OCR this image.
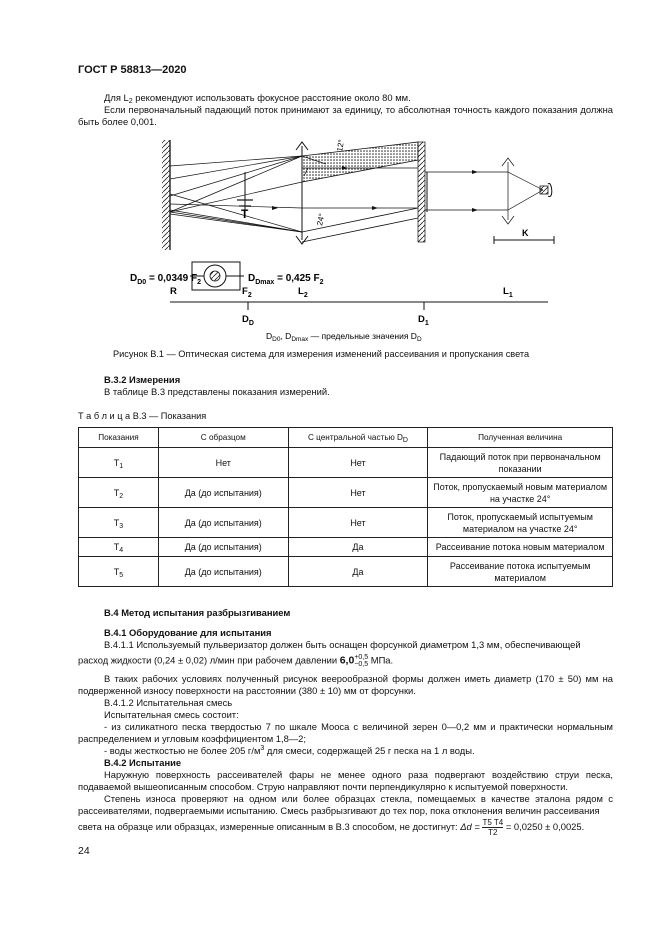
ГОСТ Р 58813—2020
Для $L_2$ рекомендуют использовать фокусное расстояние около 80 мм.
Если первоначальный падающий поток принимают за единицу, то абсолютная точность каждого показания должна быть более 0,001.
T
12°
24°
K
$D_{D0} = 0,0349$ $F_2$	$D_{Dmax} = 0,425$ $F_2$
R	$F_2$	$L_2$	$L_1$
$D_D$	$D_1$
$D_{D0}$, $D_{Dmax}$ — предельные значения $D_D$
Рисунок В.1 — Оптическая система для измерения изменений рассеивания и пропускания света
В.3.2 Измерения
В таблице В.3 представлены показания измерений.
Т а б л и ц а В.3 — Показания
Показания	С образцом	С центральной частью $D_D$	Полученная величина
$T_1$	Нет	Нет	Падающий поток при первоначальном показании
$T_2$	Да (до испытания)	Нет	Поток, пропускаемый новым материалом на участке 24°
$T_3$	Да (до испытания)	Нет	Поток, пропускаемый испытуемым материалом на участке 24°
$T_4$	Да (до испытания)	Да	Рассеивание потока новым материалом
$T_5$	Да (до испытания)	Да	Рассеивание потока испытуемым материалом
В.4 Метод испытания разбрызгиванием
В.4.1 Оборудование для испытания
В.4.1.1 Используемый пульверизатор должен быть оснащен форсункой диаметром 1,3 мм, обеспечивающей
расход жидкости (0,24 ± 0,02) л/мин при рабочем давлении 6,0 +0,5
−0,5 МПа.
В таких рабочих условиях полученный рисунок веерообразной формы должен иметь диаметр (170 ± 50) мм на подверженной износу поверхности на расстоянии (380 ± 10) мм от форсунки.
В.4.1.2 Испытательная смесь
Испытательная смесь состоит:
- из силикатного песка твердостью 7 по шкале Мооса с величиной зерен 0—0,2 мм и практически нормальным распределением и угловым коэффициентом 1,8—2;
- воды жесткостью не более 205 $г/м^3$ для смеси, содержащей 25 г песка на 1 л воды.
В.4.2 Испытание
Наружную поверхность рассеивателей фары не менее одного раза подвергают воздействию струи песка, подаваемой вышеописанным способом. Струю направляют почти перпендикулярно к испытуемой поверхности.
Степень износа проверяют на одном или более образцах стекла, помещаемых в качестве эталона рядом с рассеивателями, подвергаемыми испытанию. Смесь разбрызгивают до тех пор, пока отклонения величин рассеивания
света на образце или образцах, измеренные описанным в В.3 способом, не достигнут: $\Delta d = \frac{T5 T4}{T2} = 0,0250 \pm 0,0025$.
24
